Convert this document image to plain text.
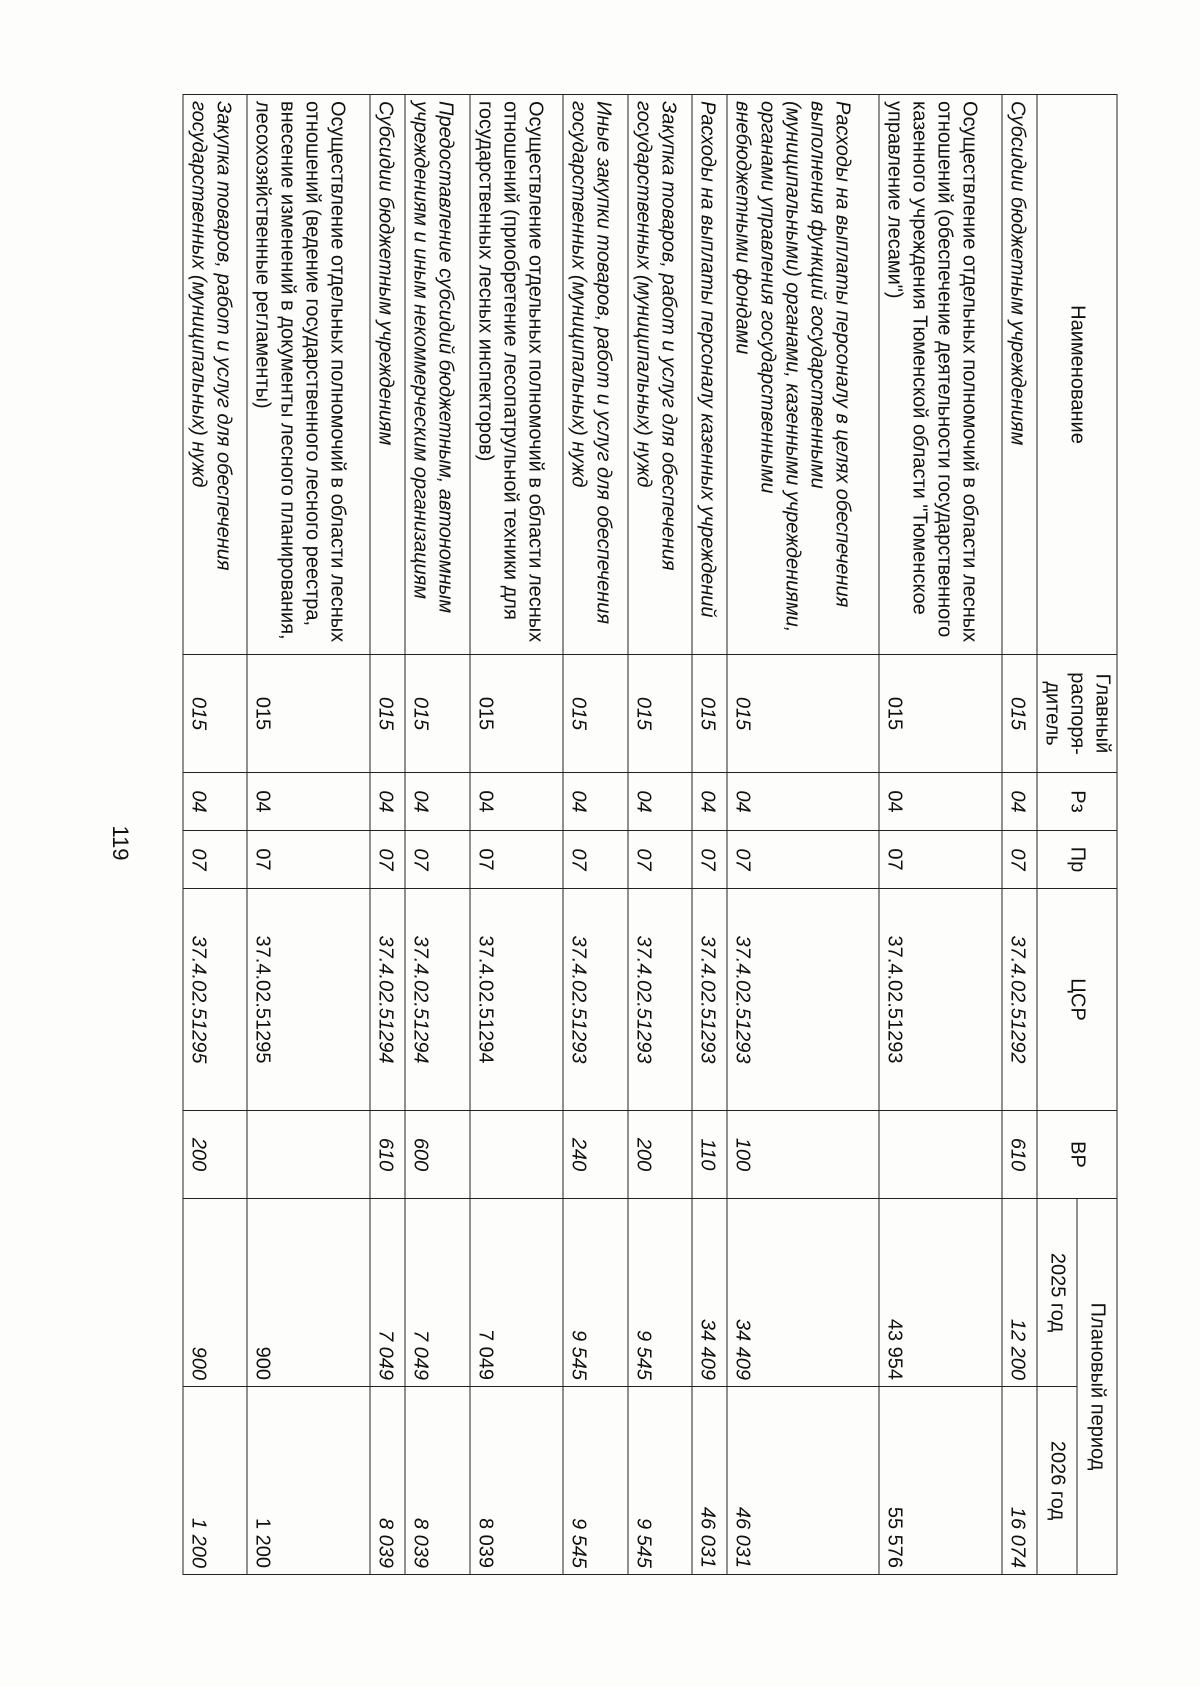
119
Наименование	Главный распоря-дитель	Рз	Пр	ЦСР	ВР	Плановый период	
						2025 год	2026 год
Субсидии бюджетным учреждениям	015	04	07	37.4.02.51292	610	12 200	16 074
Осуществление отдельных полномочий в области лесных отношений (обеспечение деятельности государственного казенного учреждения Тюменской области "Тюменское управление лесами")	015	04	07	37.4.02.51293		43 954	55 576
Расходы на выплаты персоналу в целях обеспечения выполнения функций государственными (муниципальными) органами, казенными учреждениями, органами управления государственными внебюджетными фондами	015	04	07	37.4.02.51293	100	34 409	46 031
Расходы на выплаты персоналу казенных учреждений	015	04	07	37.4.02.51293	110	34 409	46 031
Закупка товаров, работ и услуг для обеспечения государственных (муниципальных) нужд	015	04	07	37.4.02.51293	200	9 545	9 545
Иные закупки товаров, работ и услуг для обеспечения государственных (муниципальных) нужд	015	04	07	37.4.02.51293	240	9 545	9 545
Осуществление отдельных полномочий в области лесных отношений (приобретение лесопатрульной техники для государственных лесных инспекторов)	015	04	07	37.4.02.51294		7 049	8 039
Предоставление субсидий бюджетным, автономным учреждениям и иным некоммерческим организациям	015	04	07	37.4.02.51294	600	7 049	8 039
Субсидии бюджетным учреждениям	015	04	07	37.4.02.51294	610	7 049	8 039
Осуществление отдельных полномочий в области лесных отношений (ведение государственного лесного реестра, внесение изменений в документы лесного планирования, лесохозяйственные регламенты)	015	04	07	37.4.02.51295		900	1 200
Закупка товаров, работ и услуг для обеспечения государственных (муниципальных) нужд	015	04	07	37.4.02.51295	200	900	1 200
